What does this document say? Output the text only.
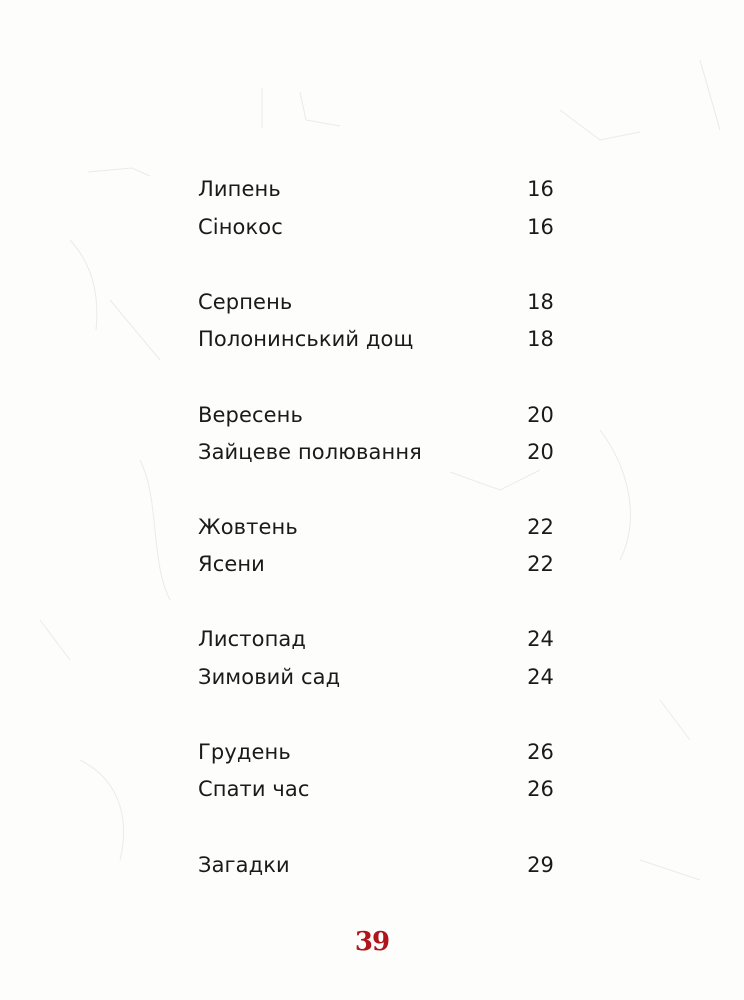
Липень	16
Сінокос	16
Серпень	18
Полонинський дощ	18
Вересень	20
Зайцеве полювання	20
Жовтень	22
Ясени	22
Листопад	24
Зимовий сад	24
Грудень	26
Спати час	26
Загадки	29
39
